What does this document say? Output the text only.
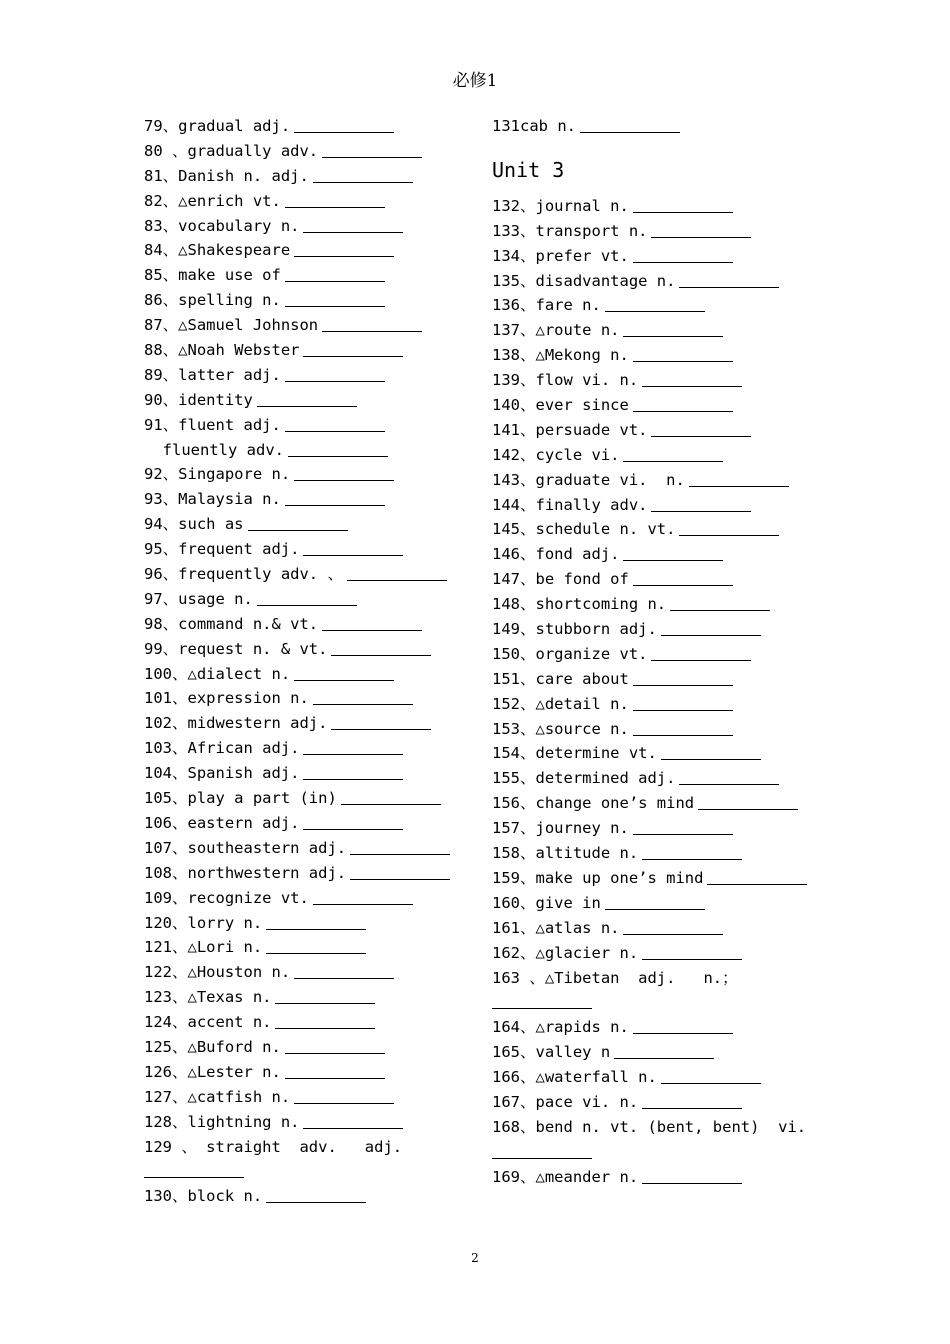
必修1
79、gradual adj.
80 、gradually adv.
81、Danish n. adj.
82、△enrich vt.
83、vocabulary n.
84、△Shakespeare
85、make use of
86、spelling n.
87、△Samuel Johnson
88、△Noah Webster
89、latter adj.
90、identity
91、fluent adj.
fluently adv.
92、Singapore n.
93、Malaysia n.
94、such as
95、frequent adj.
96、frequently adv. 、
97、usage n.
98、command n.& vt.
99、request n. & vt.
100、△dialect n.
101、expression n.
102、midwestern adj.
103、African adj.
104、Spanish adj.
105、play a part (in)
106、eastern adj.
107、southeastern adj.
108、northwestern adj.
109、recognize vt.
120、lorry n.
121、△Lori n.
122、△Houston n.
123、△Texas n.
124、accent n.
125、△Buford n.
126、△Lester n.
127、△catfish n.
128、lightning n.
129 、 straight  adv.   adj.
130、block n.
131cab n.
Unit 3
132、journal n.
133、transport n.
134、prefer vt.
135、disadvantage n.
136、fare n.
137、△route n.
138、△Mekong n.
139、flow vi. n.
140、ever since
141、persuade vt.
142、cycle vi.
143、graduate vi.  n.
144、finally adv.
145、schedule n. vt.
146、fond adj.
147、be fond of
148、shortcoming n.
149、stubborn adj.
150、organize vt.
151、care about
152、△detail n.
153、△source n.
154、determine vt.
155、determined adj.
156、change one’s mind
157、journey n.
158、altitude n.
159、make up one’s mind
160、give in
161、△atlas n.
162、△glacier n.
163 、△Tibetan  adj.   n.；
164、△rapids n.
165、valley n
166、△waterfall n.
167、pace vi. n.
168、bend n. vt. (bent, bent)  vi.
169、△meander n.
2
